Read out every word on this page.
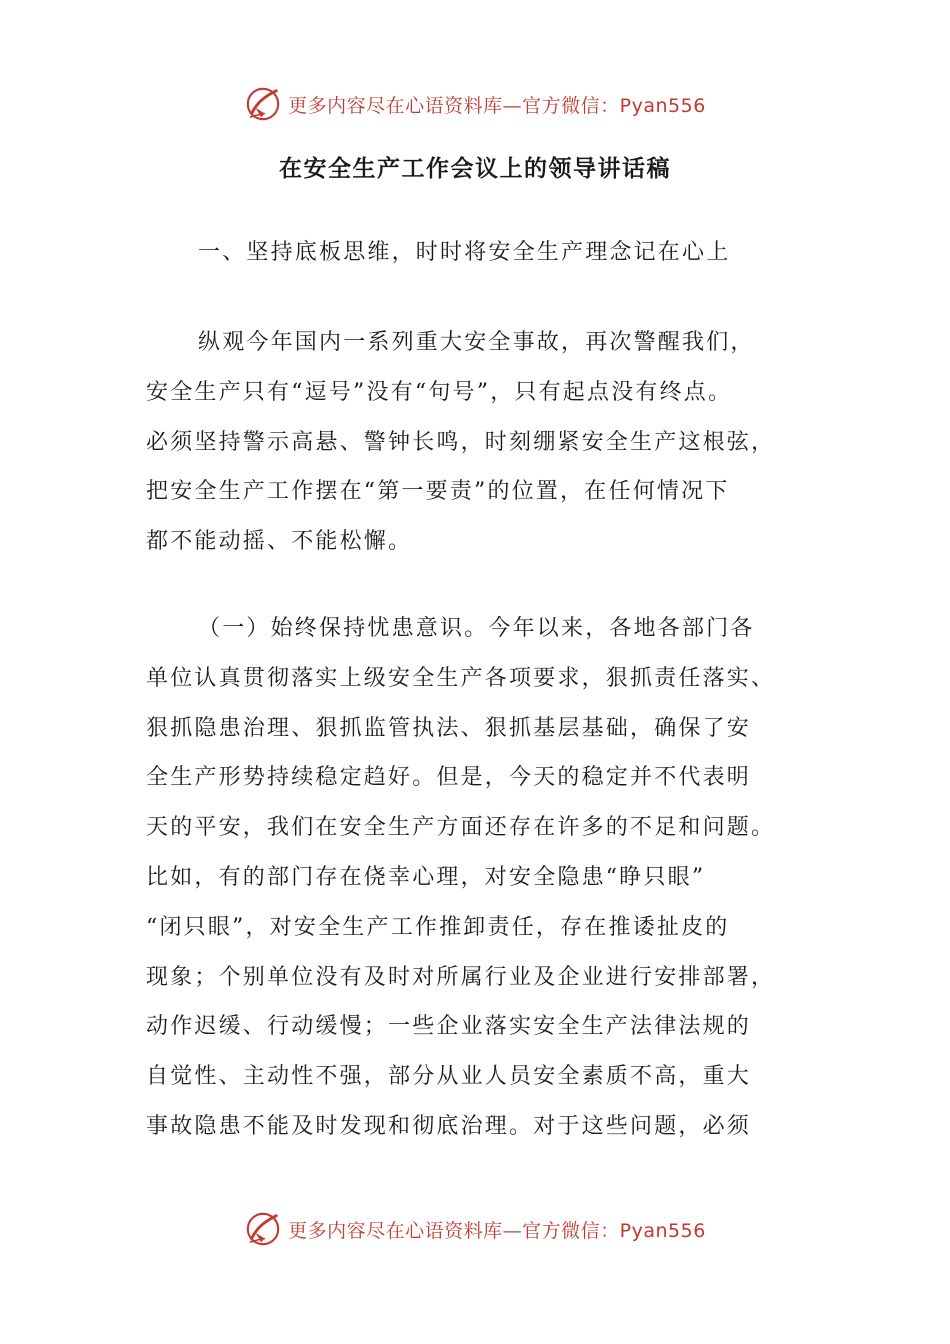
更多内容尽在心语资料库—官方微信：Pyan556
在安全生产工作会议上的领导讲话稿
一、坚持底板思维，时时将安全生产理念记在心上
纵观今年国内一系列重大安全事故，再次警醒我们，
安全生产只有“逗号”没有“句号”，只有起点没有终点。
必须坚持警示高悬、警钟长鸣，时刻绷紧安全生产这根弦，
把安全生产工作摆在“第一要责”的位置，在任何情况下
都不能动摇、不能松懈。
（一）始终保持忧患意识。今年以来，各地各部门各
单位认真贯彻落实上级安全生产各项要求，狠抓责任落实、
狠抓隐患治理、狠抓监管执法、狠抓基层基础，确保了安
全生产形势持续稳定趋好。但是，今天的稳定并不代表明
天的平安，我们在安全生产方面还存在许多的不足和问题。
比如，有的部门存在侥幸心理，对安全隐患“睁只眼”
“闭只眼”，对安全生产工作推卸责任，存在推诿扯皮的
现象；个别单位没有及时对所属行业及企业进行安排部署，
动作迟缓、行动缓慢；一些企业落实安全生产法律法规的
自觉性、主动性不强，部分从业人员安全素质不高，重大
事故隐患不能及时发现和彻底治理。对于这些问题，必须
更多内容尽在心语资料库—官方微信：Pyan556
